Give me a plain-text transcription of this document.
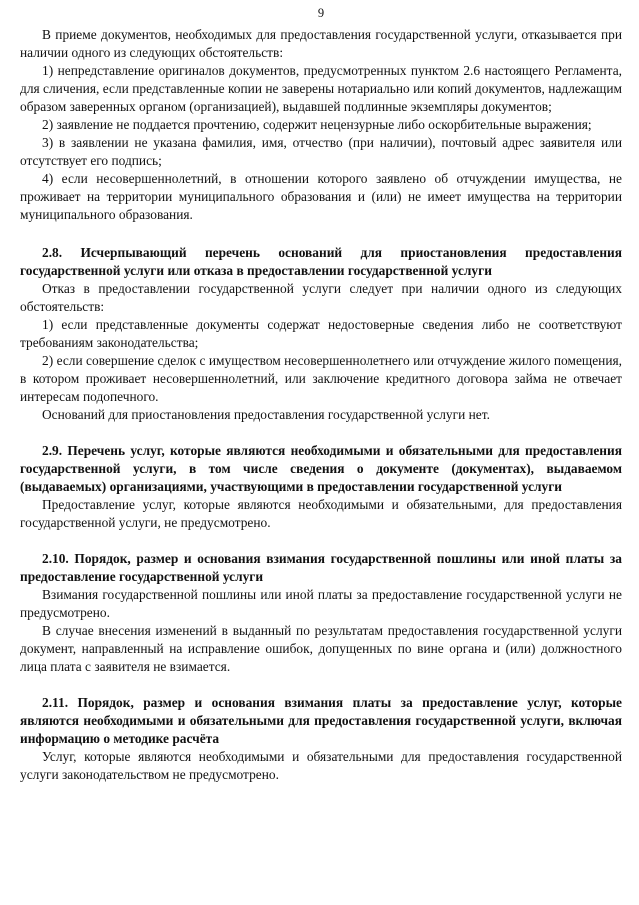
9

В приеме документов, необходимых для предоставления государственной услуги, отказывается при наличии одного из следующих обстоятельств:

1) непредставление оригиналов документов, предусмотренных пунктом 2.6 настоящего Регламента, для сличения, если представленные копии не заверены нотариально или копий документов, надлежащим образом заверенных органом (организацией), выдавшей подлинные экземпляры документов;

2) заявление не поддается прочтению, содержит нецензурные либо оскорбительные выражения;

3) в заявлении не указана фамилия, имя, отчество (при наличии), почтовый адрес заявителя или отсутствует его подпись;

4) если несовершеннолетний, в отношении которого заявлено об отчуждении имущества, не проживает на территории муниципального образования и (или) не имеет имущества на территории муниципального образования.

2.8. Исчерпывающий перечень оснований для приостановления предоставления государственной услуги или отказа в предоставлении государственной услуги

Отказ в предоставлении государственной услуги следует при наличии одного из следующих обстоятельств:

1) если представленные документы содержат недостоверные сведения либо не соответствуют требованиям законодательства;

2) если совершение сделок с имуществом несовершеннолетнего или отчуждение жилого помещения, в котором проживает несовершеннолетний, или заключение кредитного договора займа не отвечает интересам подопечного.

Оснований для приостановления предоставления государственной услуги нет.

2.9. Перечень услуг, которые являются необходимыми и обязательными для предоставления государственной услуги, в том числе сведения о документе (документах), выдаваемом (выдаваемых) организациями, участвующими в предоставлении государственной услуги

Предоставление услуг, которые являются необходимыми и обязательными, для предоставления государственной услуги, не предусмотрено.

2.10. Порядок, размер и основания взимания государственной пошлины или иной платы за предоставление государственной услуги

Взимания государственной пошлины или иной платы за предоставление государственной услуги не предусмотрено.

В случае внесения изменений в выданный по результатам предоставления государственной услуги документ, направленный на исправление ошибок, допущенных по вине органа и (или) должностного лица плата с заявителя не взимается.

2.11. Порядок, размер и основания взимания платы за предоставление услуг, которые являются необходимыми и обязательными для предоставления государственной услуги, включая информацию о методике расчёта

Услуг, которые являются необходимыми и обязательными для предоставления государственной услуги законодательством не предусмотрено.
